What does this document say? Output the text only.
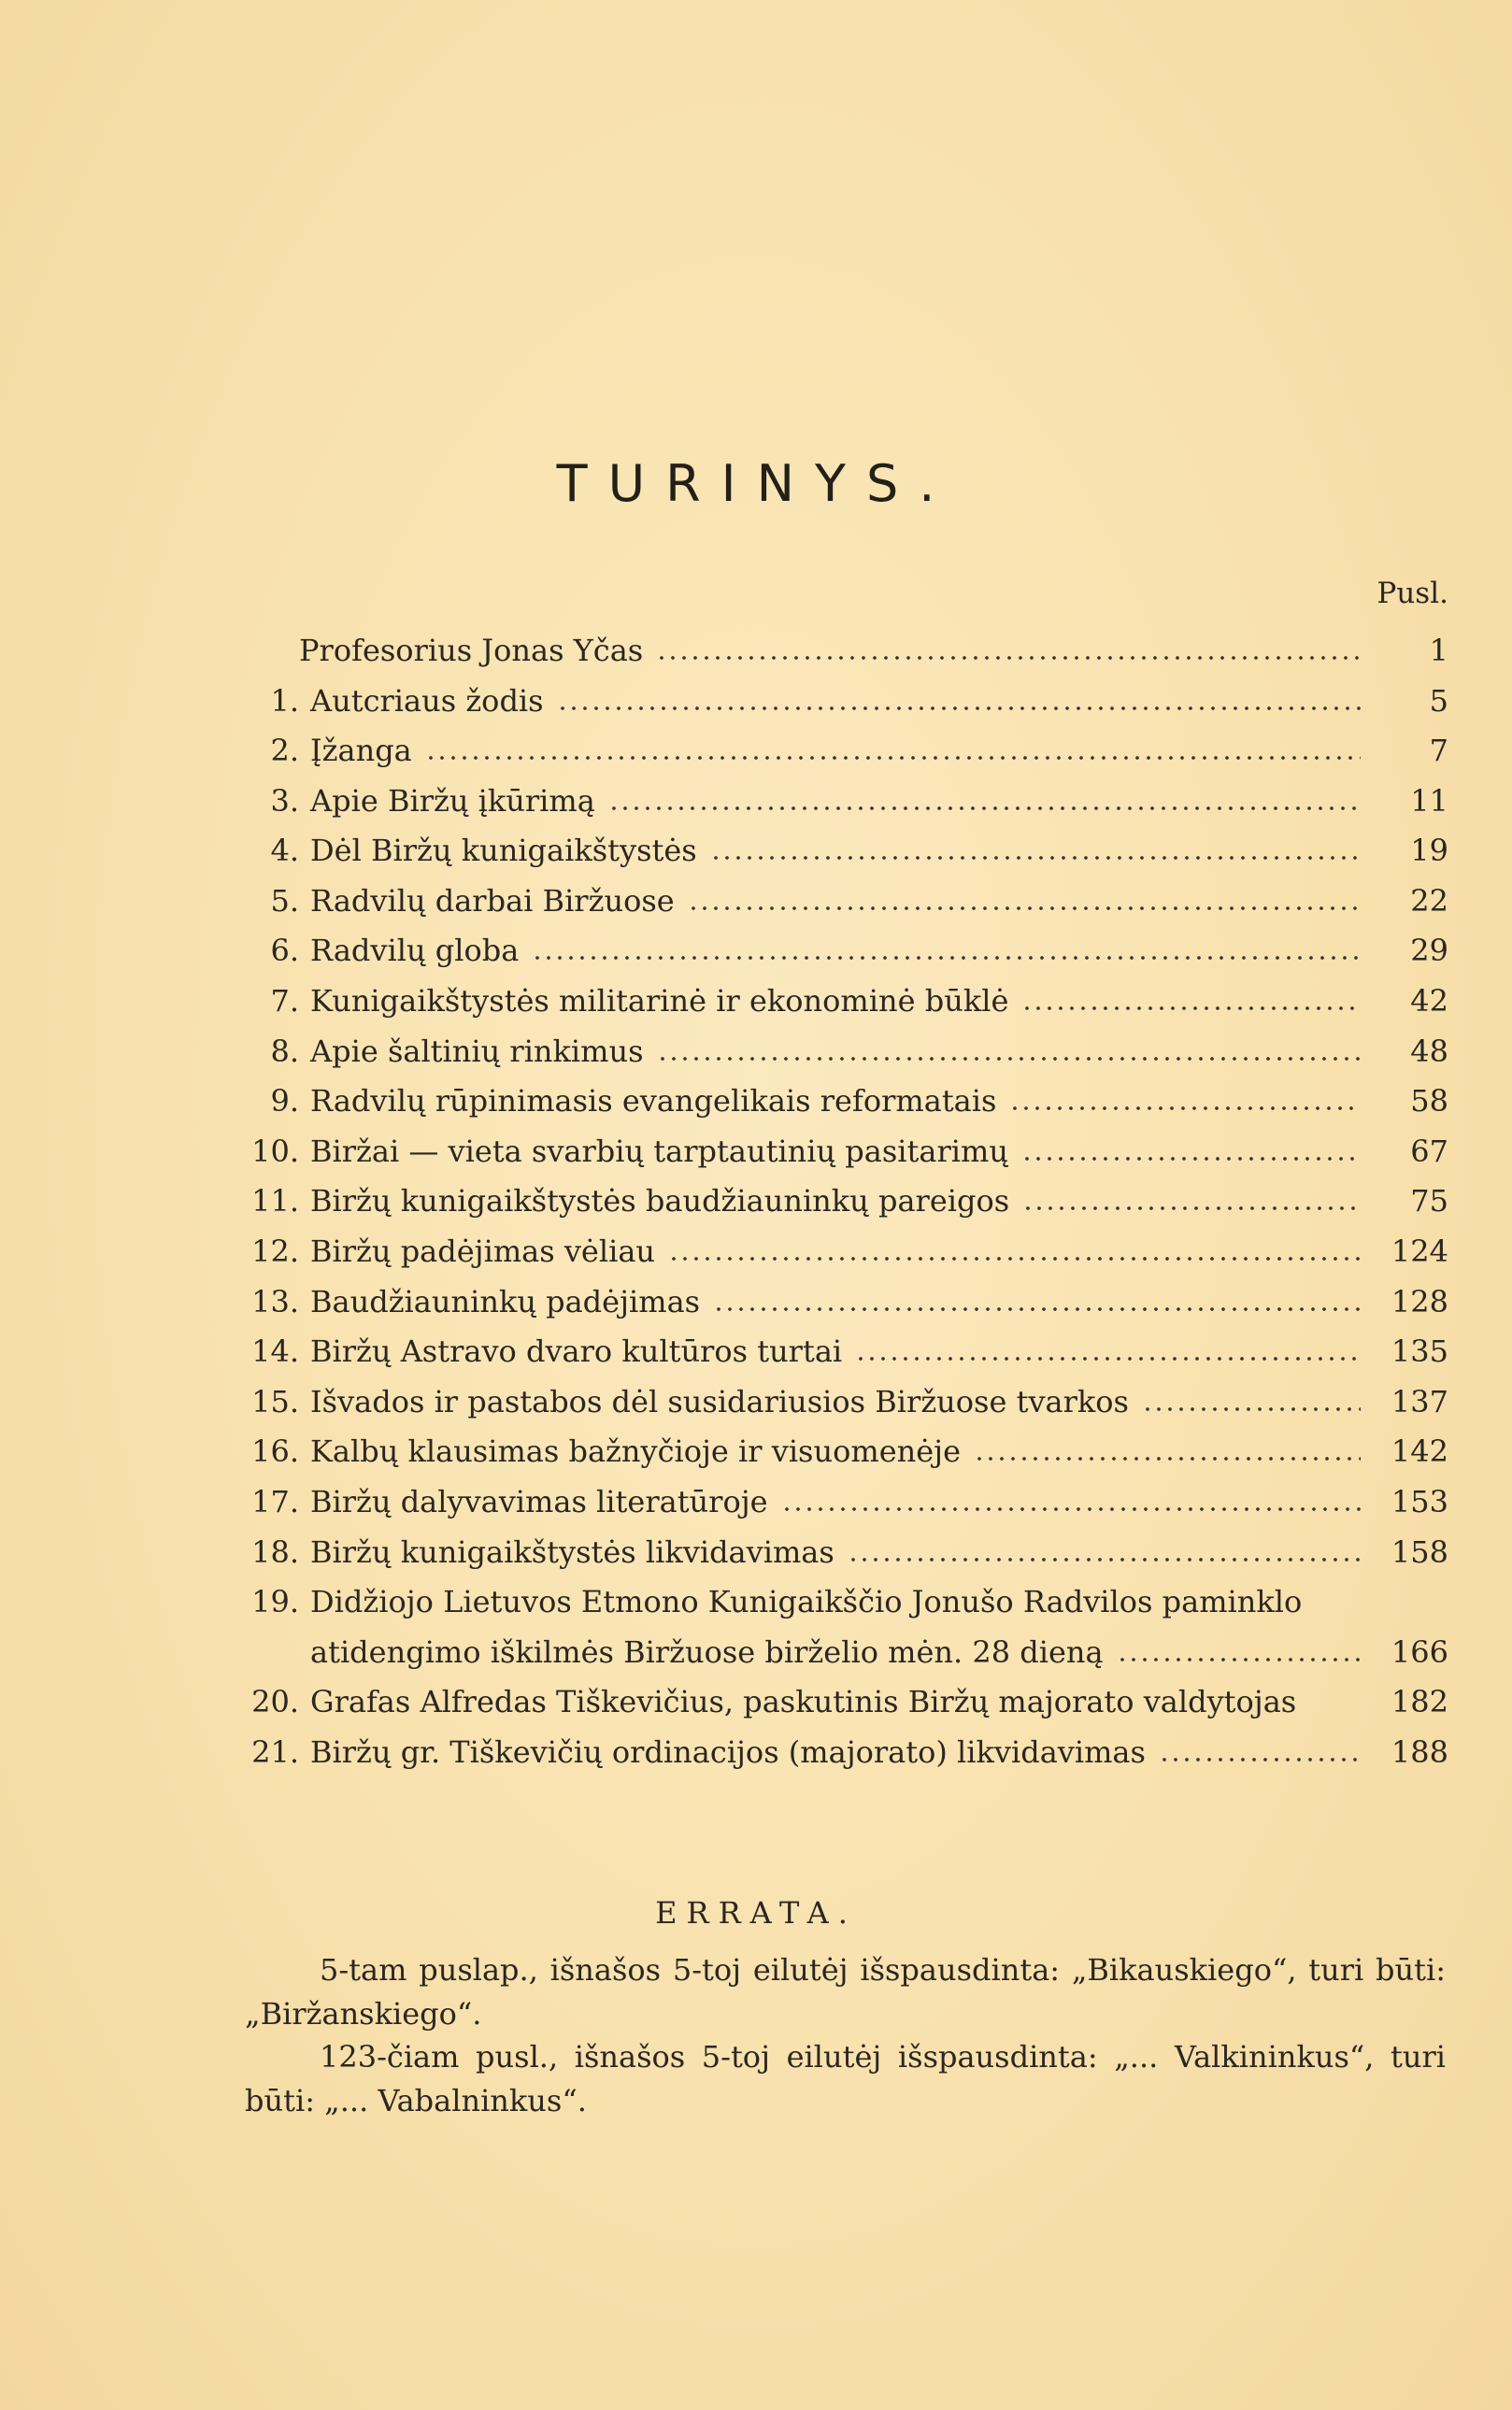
TURINYS.
Pusl.
Profesorius Jonas Yčas	1
1. Autcriaus žodis	5
2. Įžanga	7
3. Apie Biržų įkūrimą	11
4. Dėl Biržų kunigaikštystės	19
5. Radvilų darbai Biržuose	22
6. Radvilų globa	29
7. Kunigaikštystės militarinė ir ekonominė būklė	42
8. Apie šaltinių rinkimus	48
9. Radvilų rūpinimasis evangelikais reformatais	58
10. Biržai — vieta svarbių tarptautinių pasitarimų	67
11. Biržų kunigaikštystės baudžiauninkų pareigos	75
12. Biržų padėjimas vėliau	124
13. Baudžiauninkų padėjimas	128
14. Biržų Astravo dvaro kultūros turtai	135
15. Išvados ir pastabos dėl susidariusios Biržuose tvarkos	137
16. Kalbų klausimas bažnyčioje ir visuomenėje	142
17. Biržų dalyvavimas literatūroje	153
18. Biržų kunigaikštystės likvidavimas	158
19. Didžiojo Lietuvos Etmono Kunigaikščio Jonušo Radvilos paminklo
atidengimo iškilmės Biržuose birželio mėn. 28 dieną	166
20. Grafas Alfredas Tiškevičius, paskutinis Biržų majorato valdytojas	182
21. Biržų gr. Tiškevičių ordinacijos (majorato) likvidavimas	188
ERRATA.
5-tam puslap., išnašos 5-toj eilutėj išspausdinta: „Bikauskiego“, turi būti: „Biržanskiego“.
123-čiam pusl., išnašos 5-toj eilutėj išspausdinta: „... Valkininkus“, turi būti: „... Vabalninkus“.
